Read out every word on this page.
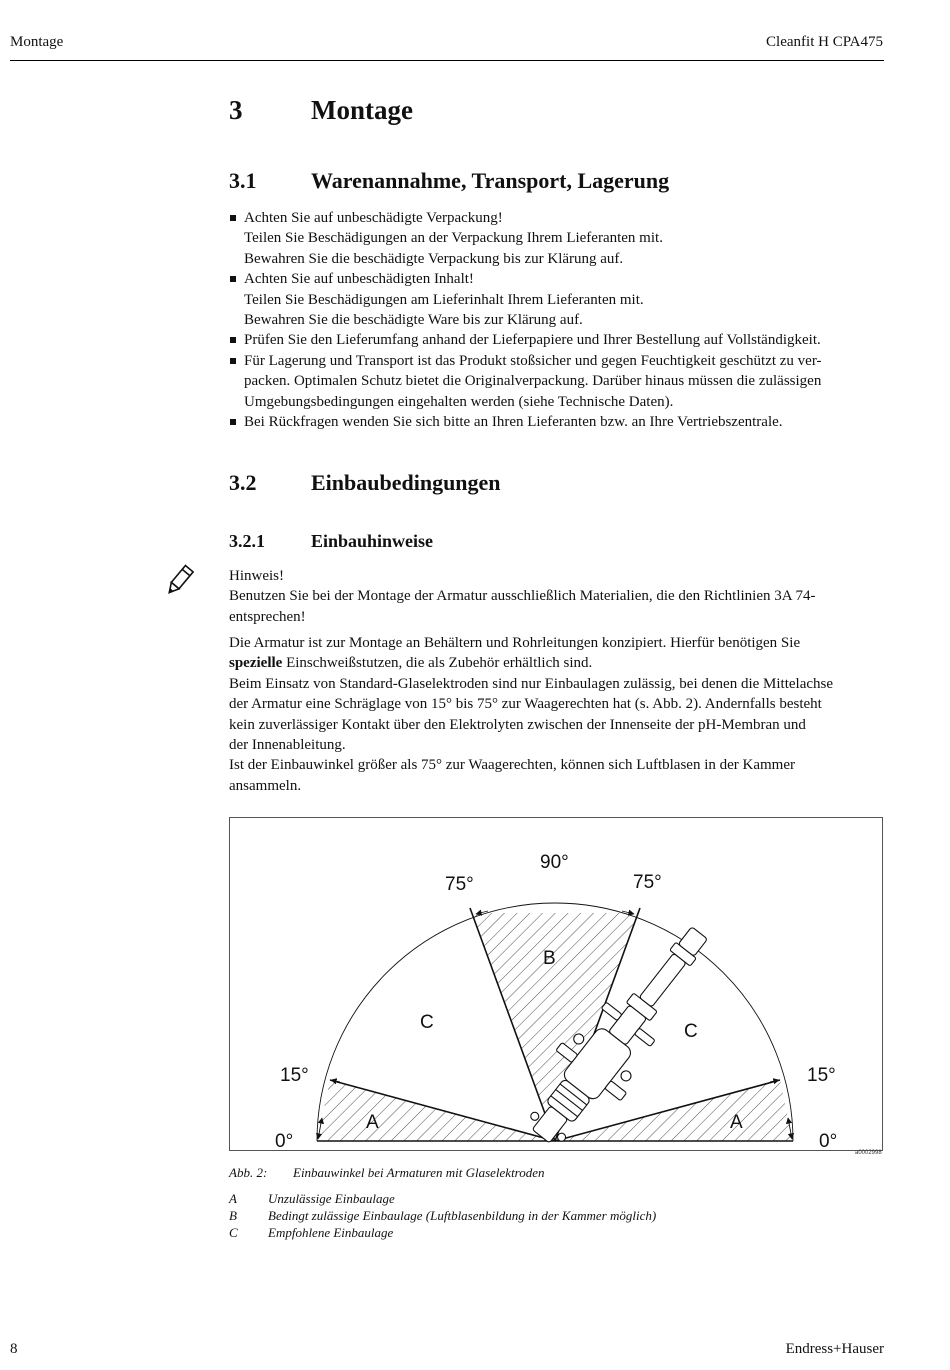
Montage	Cleanfit H CPA475
3	Montage
3.1 Warenannahme, Transport, Lagerung
Achten Sie auf unbeschädigte Verpackung!
Teilen Sie Beschädigungen an der Verpackung Ihrem Lieferanten mit.
Bewahren Sie die beschädigte Verpackung bis zur Klärung auf.
Achten Sie auf unbeschädigten Inhalt!
Teilen Sie Beschädigungen am Lieferinhalt Ihrem Lieferanten mit.
Bewahren Sie die beschädigte Ware bis zur Klärung auf.
Prüfen Sie den Lieferumfang anhand der Lieferpapiere und Ihrer Bestellung auf Vollständigkeit.
Für Lagerung und Transport ist das Produkt stoßsicher und gegen Feuchtigkeit geschützt zu ver-
packen. Optimalen Schutz bietet die Originalverpackung. Darüber hinaus müssen die zulässigen
Umgebungsbedingungen eingehalten werden (siehe Technische Daten).
Bei Rückfragen wenden Sie sich bitte an Ihren Lieferanten bzw. an Ihre Vertriebszentrale.
3.2 Einbaubedingungen
3.2.1	Einbauhinweise
Hinweis!
Benutzen Sie bei der Montage der Armatur ausschließlich Materialien, die den Richtlinien 3A 74-
entsprechen!
Die Armatur ist zur Montage an Behältern und Rohrleitungen konzipiert. Hierfür benötigen Sie
spezielle Einschweißstutzen, die als Zubehör erhältlich sind.
Beim Einsatz von Standard-Glaselektroden sind nur Einbaulagen zulässig, bei denen die Mittelachse
der Armatur eine Schräglage von 15° bis 75° zur Waagerechten hat (s. Abb. 2). Andernfalls besteht
kein zuverlässiger Kontakt über den Elektrolyten zwischen der Innenseite der pH-Membran und
der Innenableitung.
Ist der Einbauwinkel größer als 75° zur Waagerechten, können sich Luftblasen in der Kammer
ansammeln.
90°
75°	75°
15°	15°
0°	0°
A	A
B
C	C
a0002998
Abb. 2: Einbauwinkel bei Armaturen mit Glaselektroden
A Unzulässige Einbaulage
B Bedingt zulässige Einbaulage (Luftblasenbildung in der Kammer möglich)
C Empfohlene Einbaulage
8	Endress+Hauser
